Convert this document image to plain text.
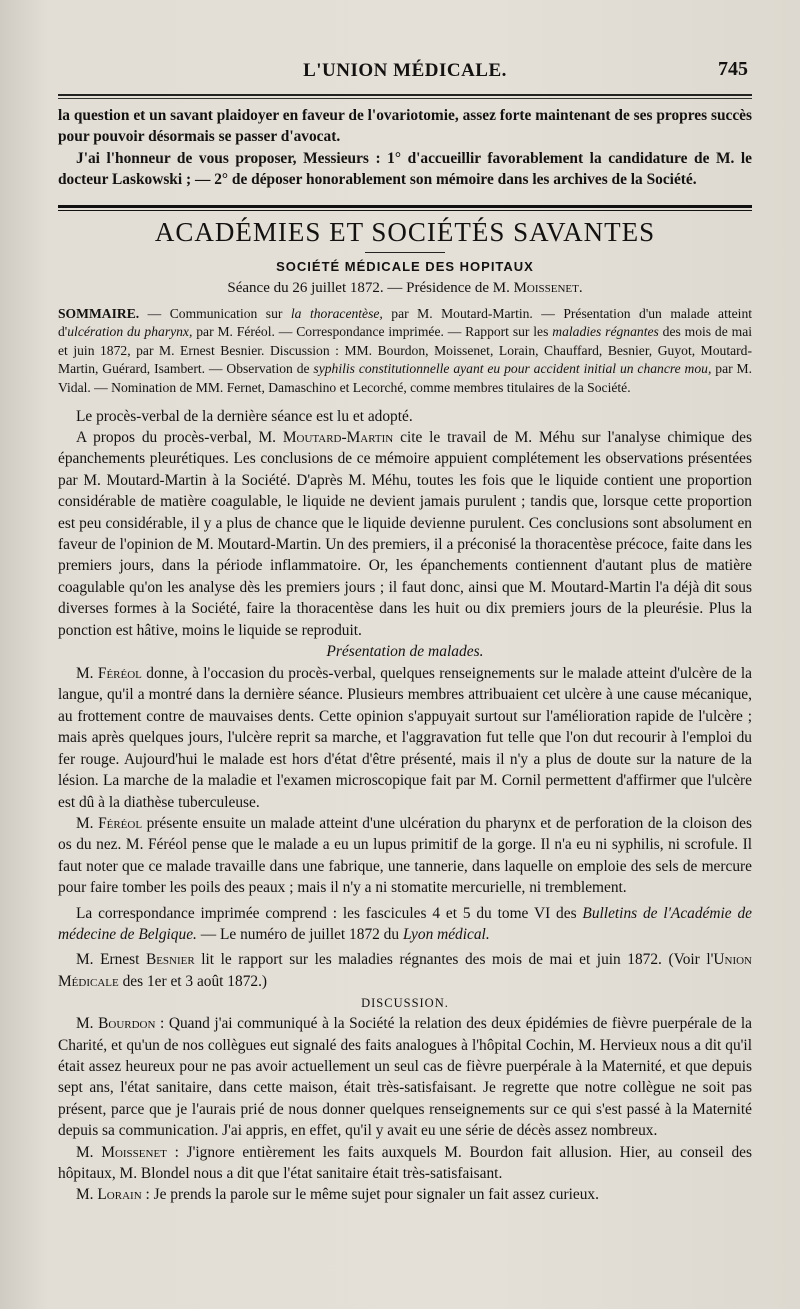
L'UNION MÉDICALE.	745

la question et un savant plaidoyer en faveur de l'ovariotomie, assez forte maintenant de ses propres succès pour pouvoir désormais se passer d'avocat.

J'ai l'honneur de vous proposer, Messieurs : 1° d'accueillir favorablement la candidature de M. le docteur Laskowski ; — 2° de déposer honorablement son mémoire dans les archives de la Société.

ACADÉMIES ET SOCIÉTÉS SAVANTES
SOCIÉTÉ MÉDICALE DES HOPITAUX
Séance du 26 juillet 1872. — Présidence de M. Moissenet.
SOMMAIRE. — Communication sur la thoracentèse, par M. Moutard-Martin. — Présentation d'un malade atteint d'ulcération du pharynx, par M. Féréol. — Correspondance imprimée. — Rapport sur les maladies régnantes des mois de mai et juin 1872, par M. Ernest Besnier. Discussion : MM. Bourdon, Moissenet, Lorain, Chauffard, Besnier, Guyot, Moutard-Martin, Guérard, Isambert. — Observation de syphilis constitutionnelle ayant eu pour accident initial un chancre mou, par M. Vidal. — Nomination de MM. Fernet, Damaschino et Lecorché, comme membres titulaires de la Société.

Le procès-verbal de la dernière séance est lu et adopté.

A propos du procès-verbal, M. Moutard-Martin cite le travail de M. Méhu sur l'analyse chimique des épanchements pleurétiques. Les conclusions de ce mémoire appuient complétement les observations présentées par M. Moutard-Martin à la Société. D'après M. Méhu, toutes les fois que le liquide contient une proportion considérable de matière coagulable, le liquide ne devient jamais purulent ; tandis que, lorsque cette proportion est peu considérable, il y a plus de chance que le liquide devienne purulent. Ces conclusions sont absolument en faveur de l'opinion de M. Moutard-Martin. Un des premiers, il a préconisé la thoracentèse précoce, faite dans les premiers jours, dans la période inflammatoire. Or, les épanchements contiennent d'autant plus de matière coagulable qu'on les analyse dès les premiers jours ; il faut donc, ainsi que M. Moutard-Martin l'a déjà dit sous diverses formes à la Société, faire la thoracentèse dans les huit ou dix premiers jours de la pleurésie. Plus la ponction est hâtive, moins le liquide se reproduit.

Présentation de malades.

M. Féréol donne, à l'occasion du procès-verbal, quelques renseignements sur le malade atteint d'ulcère de la langue, qu'il a montré dans la dernière séance. Plusieurs membres attribuaient cet ulcère à une cause mécanique, au frottement contre de mauvaises dents. Cette opinion s'appuyait surtout sur l'amélioration rapide de l'ulcère ; mais après quelques jours, l'ulcère reprit sa marche, et l'aggravation fut telle que l'on dut recourir à l'emploi du fer rouge. Aujourd'hui le malade est hors d'état d'être présenté, mais il n'y a plus de doute sur la nature de la lésion. La marche de la maladie et l'examen microscopique fait par M. Cornil permettent d'affirmer que l'ulcère est dû à la diathèse tuberculeuse.

M. Féréol présente ensuite un malade atteint d'une ulcération du pharynx et de perforation de la cloison des os du nez. M. Féréol pense que le malade a eu un lupus primitif de la gorge. Il n'a eu ni syphilis, ni scrofule. Il faut noter que ce malade travaille dans une fabrique, une tannerie, dans laquelle on emploie des sels de mercure pour faire tomber les poils des peaux ; mais il n'y a ni stomatite mercurielle, ni tremblement.

La correspondance imprimée comprend : les fascicules 4 et 5 du tome VI des Bulletins de l'Académie de médecine de Belgique. — Le numéro de juillet 1872 du Lyon médical.

M. Ernest Besnier lit le rapport sur les maladies régnantes des mois de mai et juin 1872. (Voir l'Union Médicale des 1er et 3 août 1872.)

DISCUSSION.

M. Bourdon : Quand j'ai communiqué à la Société la relation des deux épidémies de fièvre puerpérale de la Charité, et qu'un de nos collègues eut signalé des faits analogues à l'hôpital Cochin, M. Hervieux nous a dit qu'il était assez heureux pour ne pas avoir actuellement un seul cas de fièvre puerpérale à la Maternité, et que depuis sept ans, l'état sanitaire, dans cette maison, était très-satisfaisant. Je regrette que notre collègue ne soit pas présent, parce que je l'aurais prié de nous donner quelques renseignements sur ce qui s'est passé à la Maternité depuis sa communication. J'ai appris, en effet, qu'il y avait eu une série de décès assez nombreux.

M. Moissenet : J'ignore entièrement les faits auxquels M. Bourdon fait allusion. Hier, au conseil des hôpitaux, M. Blondel nous a dit que l'état sanitaire était très-satisfaisant.

M. Lorain : Je prends la parole sur le même sujet pour signaler un fait assez curieux.
